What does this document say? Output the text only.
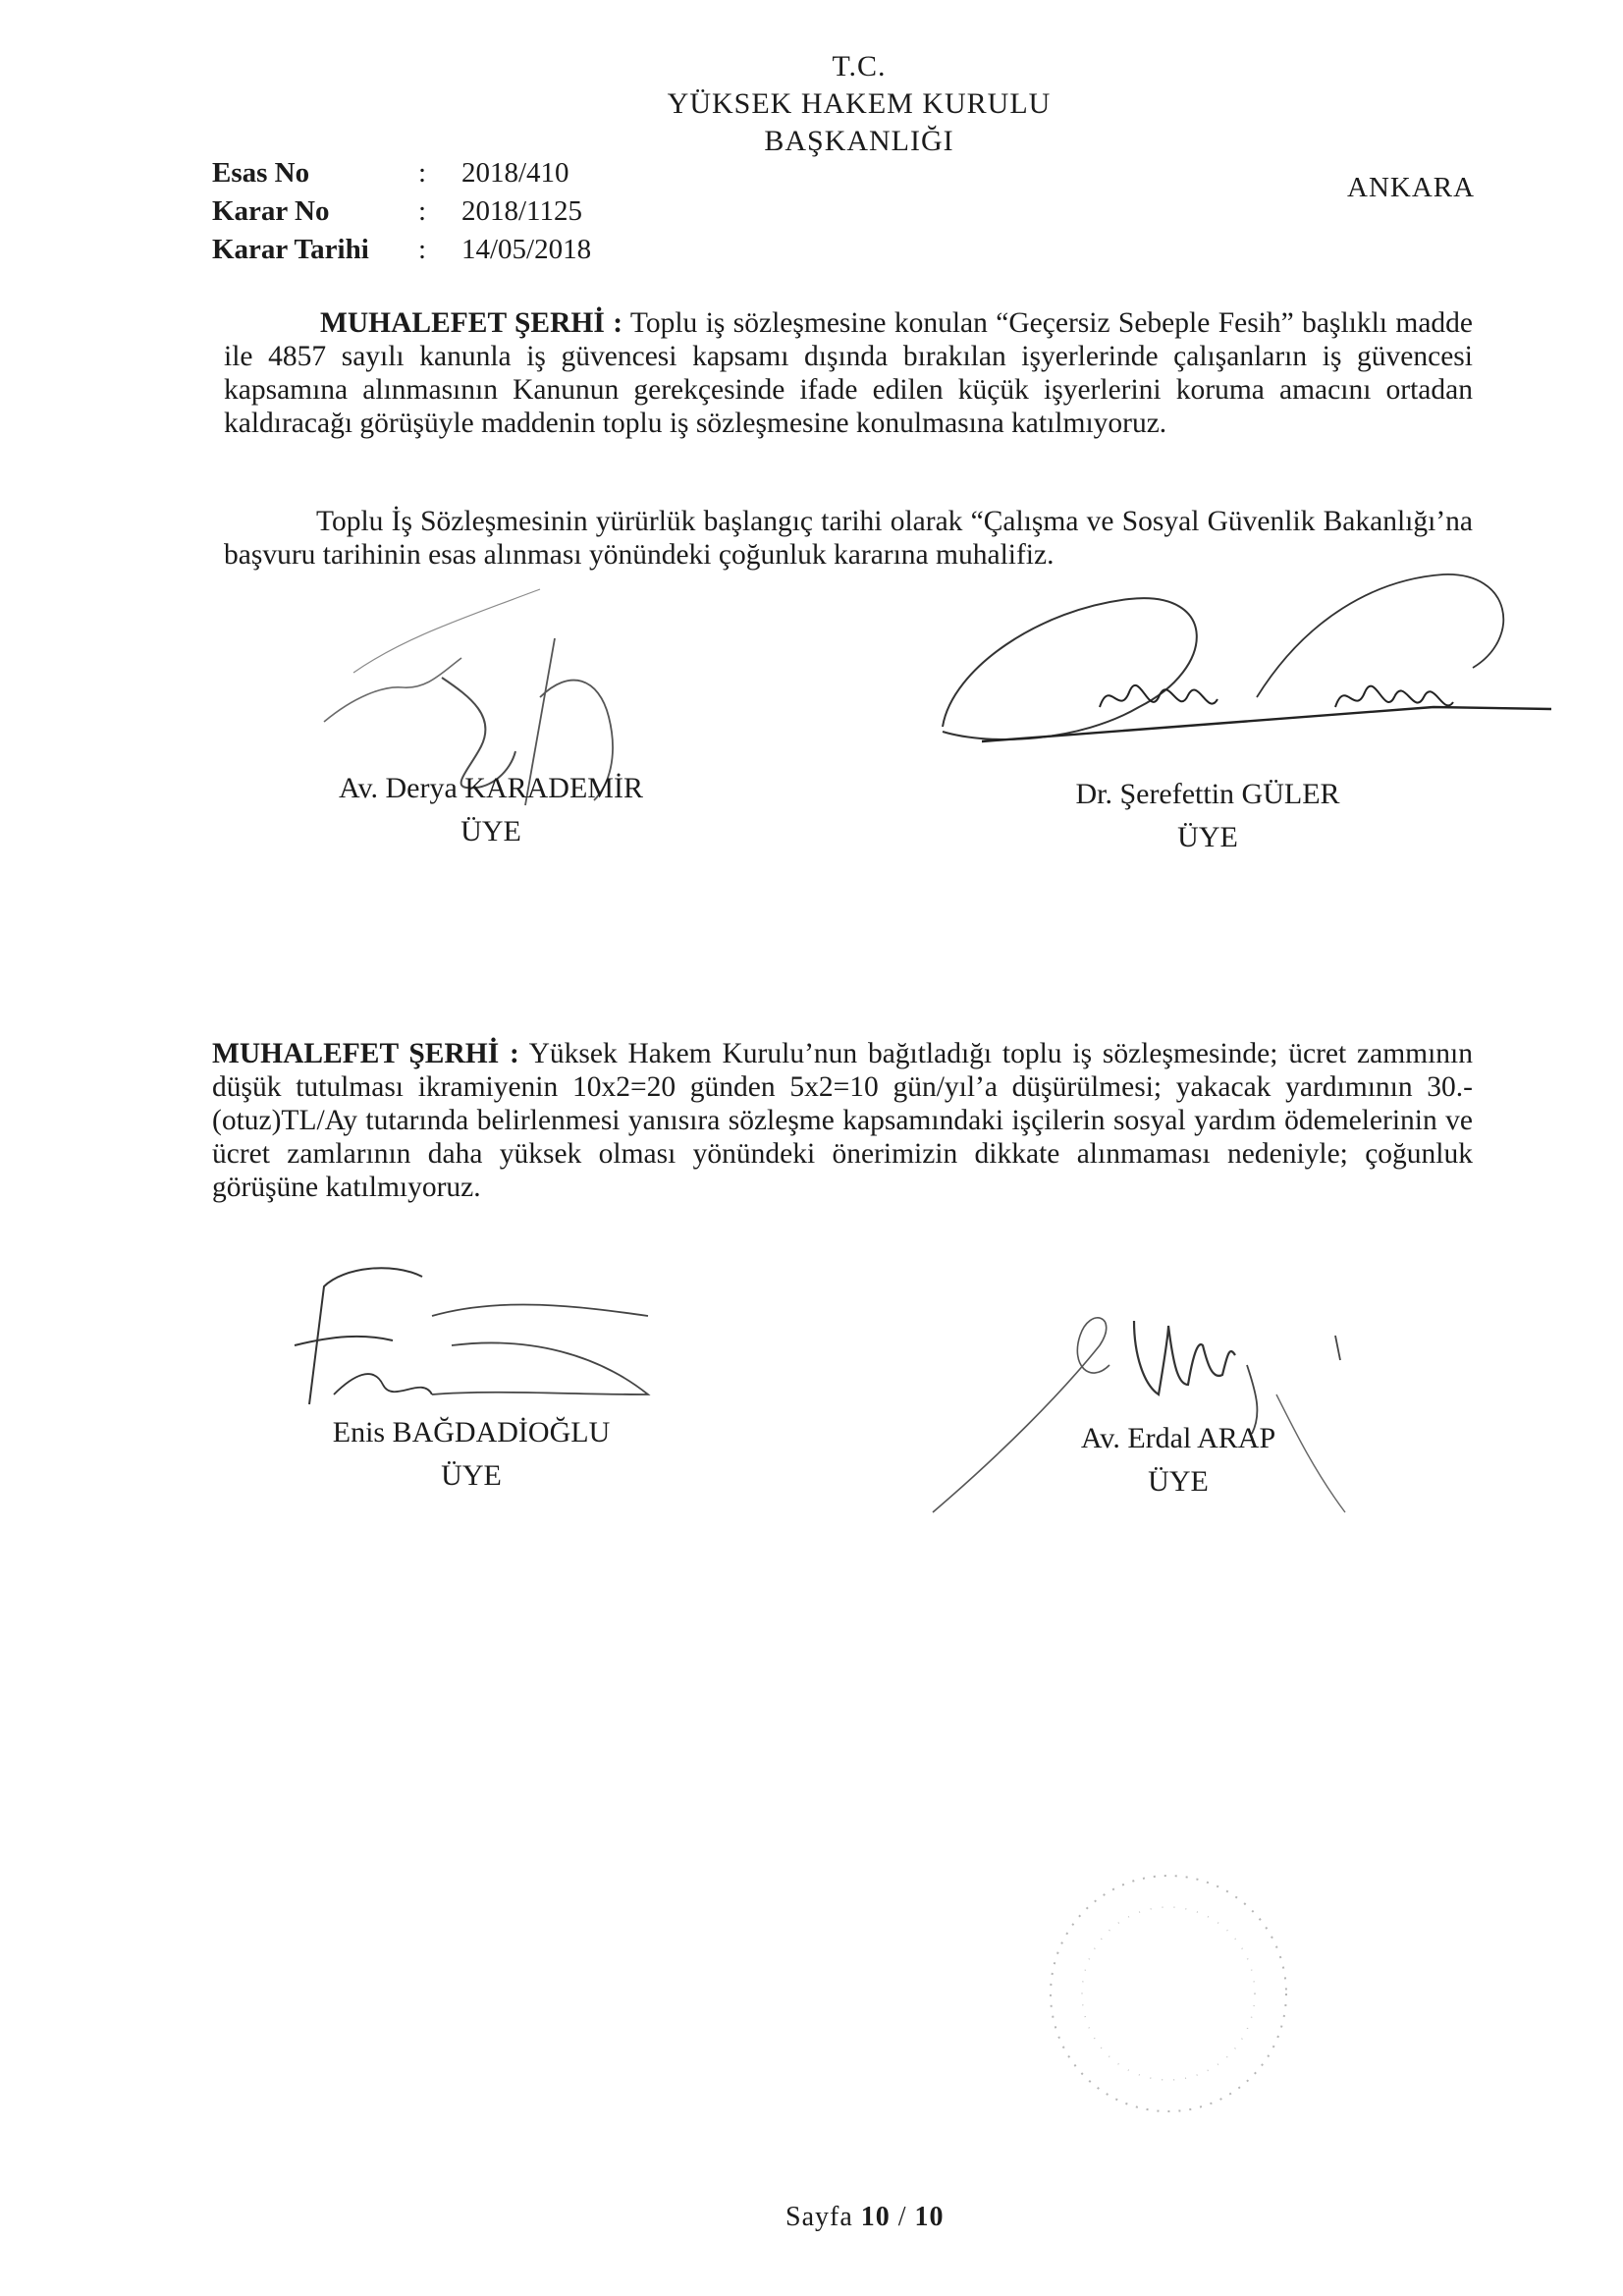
T.C.
YÜKSEK HAKEM KURULU
BAŞKANLIĞI
ANKARA
Esas No	: 2018/410
Karar No	: 2018/1125
Karar Tarihi : 14/05/2018
MUHALEFET ŞERHİ : Toplu iş sözleşmesine konulan “Geçersiz Sebeple Fesih” başlıklı madde ile 4857 sayılı kanunla iş güvencesi kapsamı dışında bırakılan işyerlerinde çalışanların iş güvencesi kapsamına alınmasının Kanunun gerekçesinde ifade edilen küçük işyerlerini koruma amacını ortadan kaldıracağı görüşüyle maddenin toplu iş sözleşmesine konulmasına katılmıyoruz.
Toplu İş Sözleşmesinin yürürlük başlangıç tarihi olarak “Çalışma ve Sosyal Güvenlik Bakanlığı’na başvuru tarihinin esas alınması yönündeki çoğunluk kararına muhalifiz.
Av. Derya KARADEMİR
ÜYE
Dr. Şerefettin GÜLER
ÜYE
MUHALEFET ŞERHİ : Yüksek Hakem Kurulu’nun bağıtladığı toplu iş sözleşmesinde; ücret zammının düşük tutulması ikramiyenin 10x2=20 günden 5x2=10 gün/yıl’a düşürülmesi; yakacak yardımının 30.-(otuz)TL/Ay tutarında belirlenmesi yanısıra sözleşme kapsamındaki işçilerin sosyal yardım ödemelerinin ve ücret zamlarının daha yüksek olması yönündeki önerimizin dikkate alınmaması nedeniyle; çoğunluk görüşüne katılmıyoruz.
Enis BAĞDADİOĞLU
ÜYE
Av. Erdal ARAP
ÜYE
Sayfa 10 / 10
